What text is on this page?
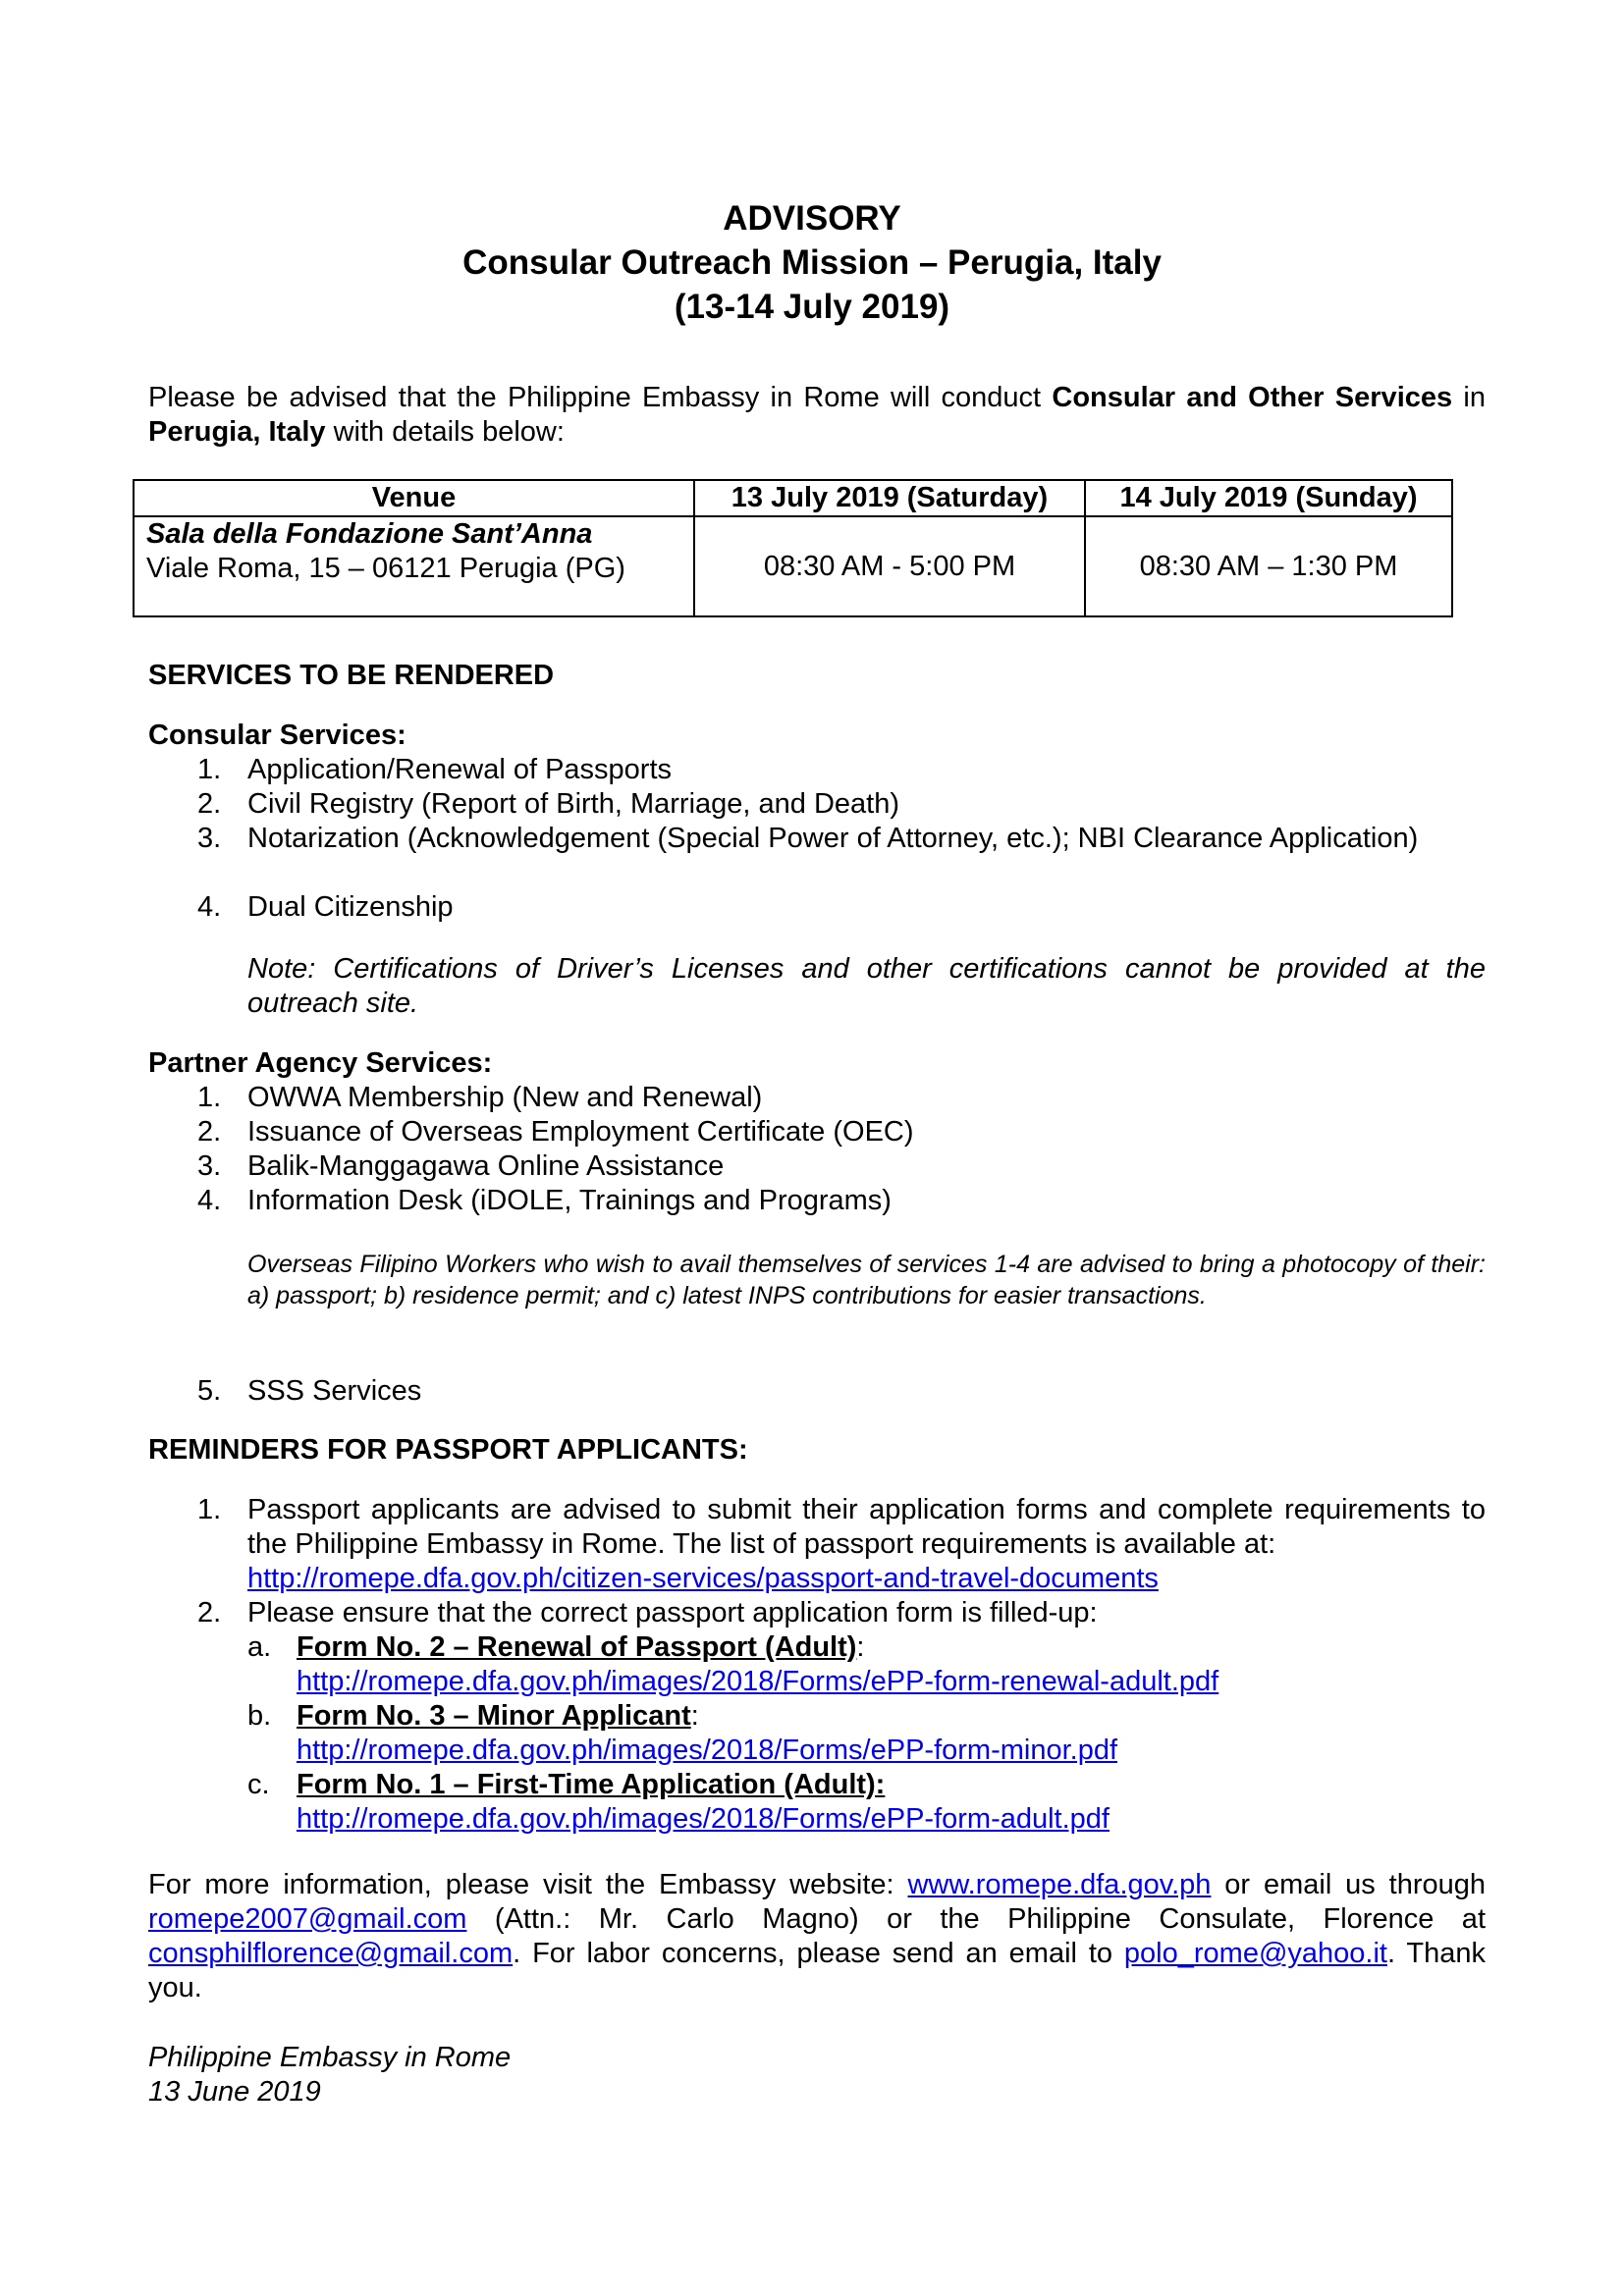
ADVISORY
Consular Outreach Mission – Perugia, Italy
(13-14 July 2019)
Please be advised that the Philippine Embassy in Rome will conduct Consular and Other Services in Perugia, Italy with details below:
Venue	13 July 2019 (Saturday)	14 July 2019 (Sunday)

Sala della Fondazione Sant’Anna
Viale Roma, 15 – 06121 Perugia (PG)	08:30 AM - 5:00 PM	08:30 AM – 1:30 PM
SERVICES TO BE RENDERED
Consular Services:
1. Application/Renewal of Passports
2. Civil Registry (Report of Birth, Marriage, and Death)
3. Notarization (Acknowledgement (Special Power of Attorney, etc.); NBI Clearance Application)
4. Dual Citizenship
Note: Certifications of Driver’s Licenses and other certifications cannot be provided at the outreach site.
Partner Agency Services:
1. OWWA Membership (New and Renewal)
2. Issuance of Overseas Employment Certificate (OEC)
3. Balik-Manggagawa Online Assistance
4. Information Desk (iDOLE, Trainings and Programs)
Overseas Filipino Workers who wish to avail themselves of services 1-4 are advised to bring a photocopy of their: a) passport; b) residence permit; and c) latest INPS contributions for easier transactions.
5. SSS Services
REMINDERS FOR PASSPORT APPLICANTS:
1. Passport applicants are advised to submit their application forms and complete requirements to the Philippine Embassy in Rome. The list of passport requirements is available at:
http://romepe.dfa.gov.ph/citizen-services/passport-and-travel-documents
2. Please ensure that the correct passport application form is filled-up:
a. Form No. 2 – Renewal of Passport (Adult):
http://romepe.dfa.gov.ph/images/2018/Forms/ePP-form-renewal-adult.pdf
b. Form No. 3 – Minor Applicant:
http://romepe.dfa.gov.ph/images/2018/Forms/ePP-form-minor.pdf
c. Form No. 1 – First-Time Application (Adult):
http://romepe.dfa.gov.ph/images/2018/Forms/ePP-form-adult.pdf
For more information, please visit the Embassy website: www.romepe.dfa.gov.ph or email us through romepe2007@gmail.com (Attn.: Mr. Carlo Magno) or the Philippine Consulate, Florence at consphilflorence@gmail.com. For labor concerns, please send an email to polo_rome@yahoo.it. Thank you.
Philippine Embassy in Rome
13 June 2019
